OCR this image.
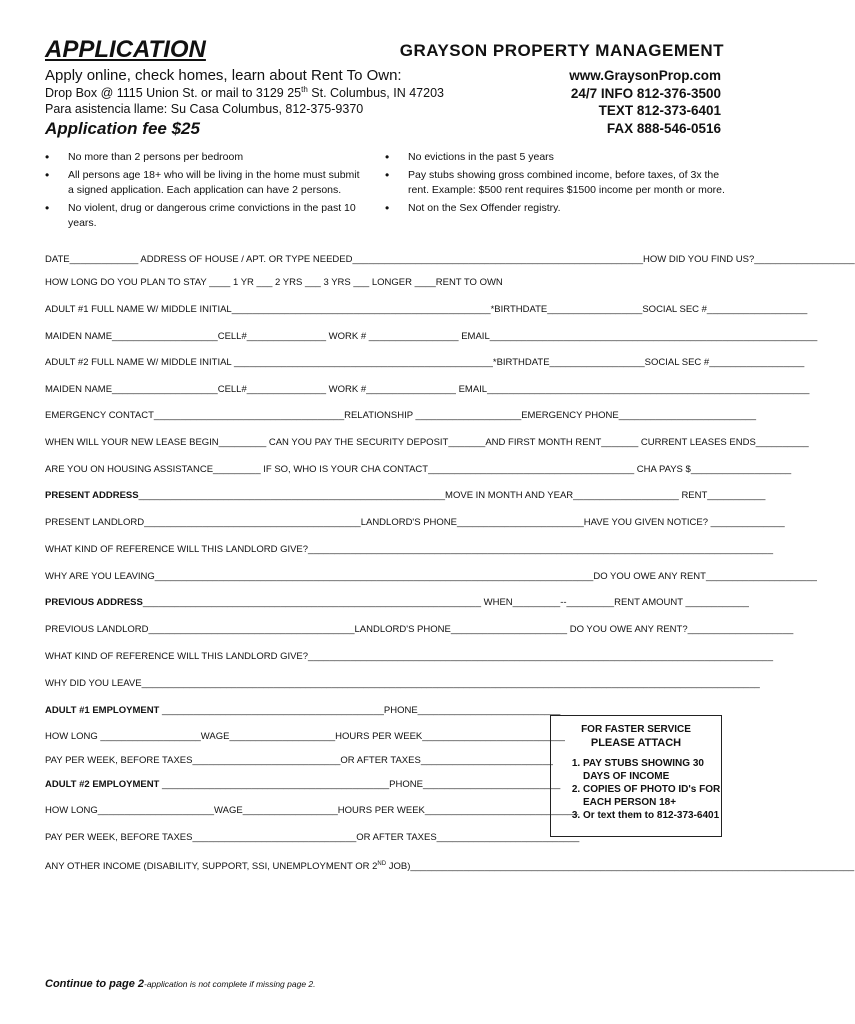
APPLICATION	GRAYSON PROPERTY MANAGEMENT
Apply online, check homes, learn about Rent To Own:
Drop Box @ 1115 Union St. or mail to 3129 25th St. Columbus, IN 47203
Para asistencia llame: Su Casa Columbus, 812-375-9370
Application fee $25
www.GraysonProp.com
24/7 INFO 812-376-3500
TEXT 812-373-6401
FAX 888-546-0516
• No more than 2 persons per bedroom
• All persons age 18+ who will be living in the home must submit a signed application. Each application can have 2 persons.
• No violent, drug or dangerous crime convictions in the past 10 years.
• No evictions in the past 5 years
• Pay stubs showing gross combined income, before taxes, of 3x the rent. Example: $500 rent requires $1500 income per month or more.
• Not on the Sex Offender registry.
DATE_____________ ADDRESS OF HOUSE / APT. OR TYPE NEEDED_______________________________________________________HOW DID YOU FIND US?___________________
HOW LONG DO YOU PLAN TO STAY ____ 1 YR ___ 2 YRS ___ 3 YRS ___ LONGER ____RENT TO OWN
ADULT #1 FULL NAME W/ MIDDLE INITIAL_________________________________________________*BIRTHDATE__________________SOCIAL SEC #___________________
MAIDEN NAME____________________CELL#_______________ WORK # _________________ EMAIL______________________________________________________________
ADULT #2 FULL NAME W/ MIDDLE INITIAL _________________________________________________*BIRTHDATE__________________SOCIAL SEC #__________________
MAIDEN NAME____________________CELL#_______________ WORK #_________________ EMAIL_____________________________________________________________
EMERGENCY CONTACT____________________________________RELATIONSHIP ____________________EMERGENCY PHONE__________________________
WHEN WILL YOUR NEW LEASE BEGIN_________ CAN YOU PAY THE SECURITY DEPOSIT_______AND FIRST MONTH RENT_______ CURRENT LEASES ENDS__________
ARE YOU ON HOUSING ASSISTANCE_________ IF SO, WHO IS YOUR CHA CONTACT_______________________________________ CHA PAYS $___________________
PRESENT ADDRESS__________________________________________________________MOVE IN MONTH AND YEAR____________________ RENT___________
PRESENT LANDLORD_________________________________________LANDLORD'S PHONE________________________HAVE YOU GIVEN NOTICE? ______________
WHAT KIND OF REFERENCE WILL THIS LANDLORD GIVE?________________________________________________________________________________________
WHY ARE YOU LEAVING___________________________________________________________________________________DO YOU OWE ANY RENT_____________________
PREVIOUS ADDRESS________________________________________________________________ WHEN_________--_________RENT AMOUNT ____________
PREVIOUS LANDLORD_______________________________________LANDLORD'S PHONE______________________ DO YOU OWE ANY RENT?____________________
WHAT KIND OF REFERENCE WILL THIS LANDLORD GIVE?________________________________________________________________________________________
WHY DID YOU LEAVE_____________________________________________________________________________________________________________________
ADULT #1 EMPLOYMENT __________________________________________PHONE___________________________
HOW LONG ___________________WAGE____________________HOURS PER WEEK___________________________
PAY PER WEEK, BEFORE TAXES____________________________OR AFTER TAXES_________________________
ADULT #2 EMPLOYMENT ___________________________________________PHONE__________________________
HOW LONG______________________WAGE__________________HOURS PER WEEK_____________________________
PAY PER WEEK, BEFORE TAXES_______________________________OR AFTER TAXES___________________________
ANY OTHER INCOME (DISABILITY, SUPPORT, SSI, UNEMPLOYMENT OR 2ND JOB)____________________________________________________________________________________
FOR FASTER SERVICE
PLEASE ATTACH
1. PAY STUBS SHOWING 30 DAYS OF INCOME
2. COPIES OF PHOTO ID's FOR EACH PERSON 18+
3. Or text them to 812-373-6401
Continue to page 2-application is not complete if missing page 2.
